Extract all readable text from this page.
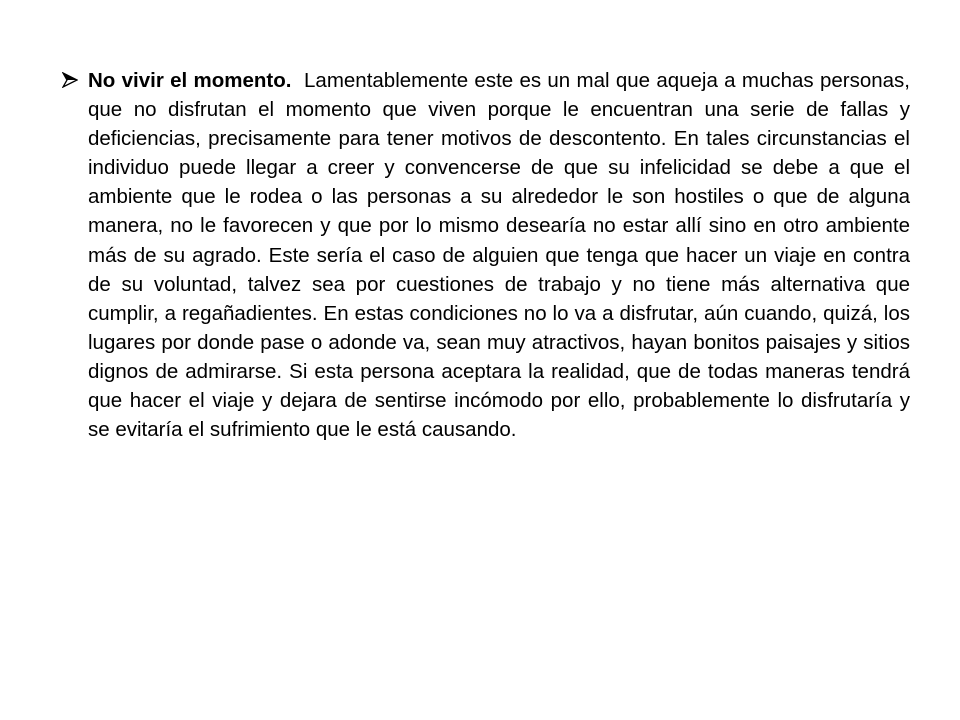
No vivir el momento. Lamentablemente este es un mal que aqueja a muchas personas, que no disfrutan el momento que viven porque le encuentran una serie de fallas y deficiencias, precisamente para tener motivos de descontento. En tales circunstancias el individuo puede llegar a creer y convencerse de que su infelicidad se debe a que el ambiente que le rodea o las personas a su alrededor le son hostiles o que de alguna manera, no le favorecen y que por lo mismo desearía no estar allí sino en otro ambiente más de su agrado. Este sería el caso de alguien que tenga que hacer un viaje en contra de su voluntad, talvez sea por cuestiones de trabajo y no tiene más alternativa que cumplir, a regañadientes. En estas condiciones no lo va a disfrutar, aún cuando, quizá, los lugares por donde pase o adonde va, sean muy atractivos, hayan bonitos paisajes y sitios dignos de admirarse. Si esta persona aceptara la realidad, que de todas maneras tendrá que hacer el viaje y dejara de sentirse incómodo por ello, probablemente lo disfrutaría y se evitaría el sufrimiento que le está causando.
